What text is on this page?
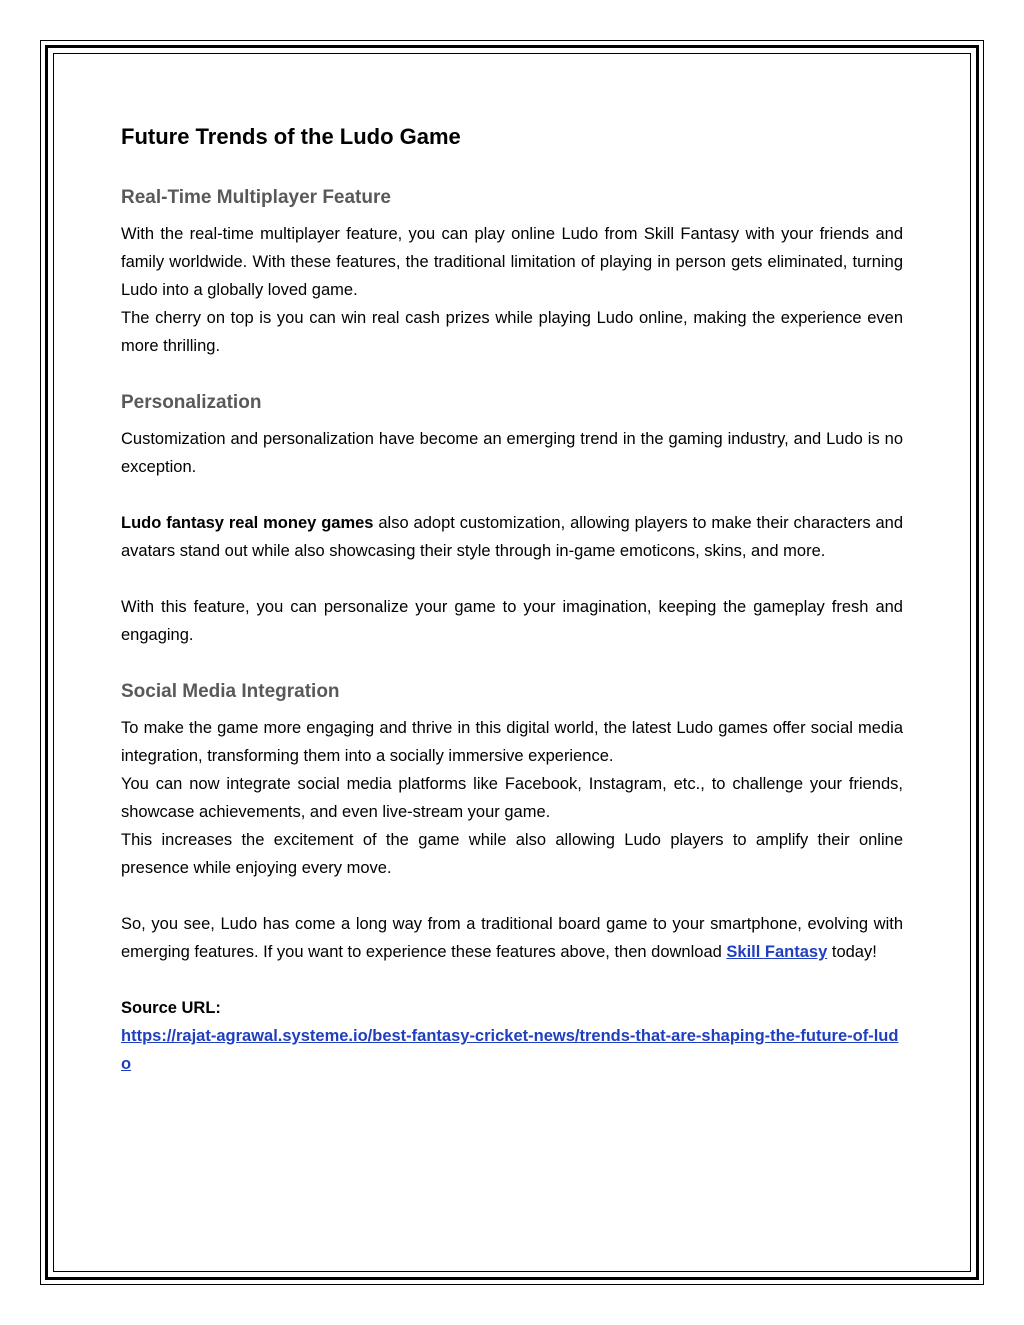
Future Trends of the Ludo Game
Real-Time Multiplayer Feature

With the real-time multiplayer feature, you can play online Ludo from Skill Fantasy with your friends and family worldwide. With these features, the traditional limitation of playing in person gets eliminated, turning Ludo into a globally loved game.

The cherry on top is you can win real cash prizes while playing Ludo online, making the experience even more thrilling.

Personalization

Customization and personalization have become an emerging trend in the gaming industry, and Ludo is no exception.

Ludo fantasy real money games also adopt customization, allowing players to make their characters and avatars stand out while also showcasing their style through in-game emoticons, skins, and more.

With this feature, you can personalize your game to your imagination, keeping the gameplay fresh and engaging.

Social Media Integration

To make the game more engaging and thrive in this digital world, the latest Ludo games offer social media integration, transforming them into a socially immersive experience.

You can now integrate social media platforms like Facebook, Instagram, etc., to challenge your friends, showcase achievements, and even live-stream your game.

This increases the excitement of the game while also allowing Ludo players to amplify their online presence while enjoying every move.

So, you see, Ludo has come a long way from a traditional board game to your smartphone, evolving with emerging features. If you want to experience these features above, then download Skill Fantasy today!

Source URL:

https://rajat-agrawal.systeme.io/best-fantasy-cricket-news/trends-that-are-shaping-the-future-of-ludo
